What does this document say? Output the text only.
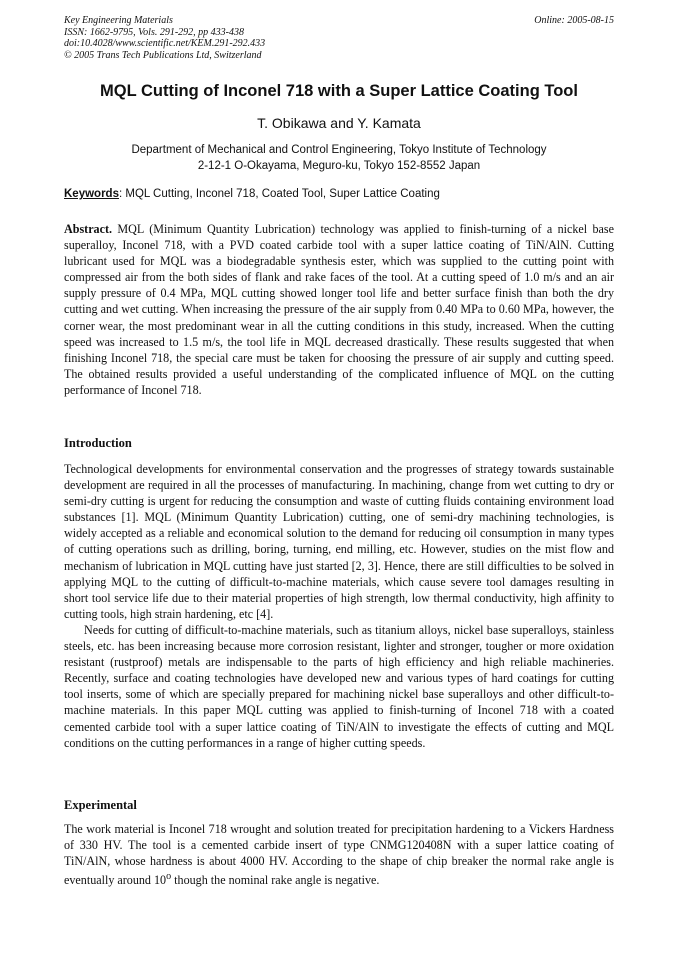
Key Engineering Materials
ISSN: 1662-9795, Vols. 291-292, pp 433-438
doi:10.4028/www.scientific.net/KEM.291-292.433
© 2005 Trans Tech Publications Ltd, Switzerland
Online: 2005-08-15
MQL Cutting of Inconel 718 with a Super Lattice Coating Tool
T. Obikawa and Y. Kamata
Department of Mechanical and Control Engineering, Tokyo Institute of Technology
2-12-1 O-Okayama, Meguro-ku, Tokyo 152-8552 Japan
Keywords: MQL Cutting, Inconel 718, Coated Tool, Super Lattice Coating
Abstract. MQL (Minimum Quantity Lubrication) technology was applied to finish-turning of a nickel base superalloy, Inconel 718, with a PVD coated carbide tool with a super lattice coating of TiN/AlN. Cutting lubricant used for MQL was a biodegradable synthesis ester, which was supplied to the cutting point with compressed air from the both sides of flank and rake faces of the tool. At a cutting speed of 1.0 m/s and an air supply pressure of 0.4 MPa, MQL cutting showed longer tool life and better surface finish than both the dry cutting and wet cutting. When increasing the pressure of the air supply from 0.40 MPa to 0.60 MPa, however, the corner wear, the most predominant wear in all the cutting conditions in this study, increased. When the cutting speed was increased to 1.5 m/s, the tool life in MQL decreased drastically. These results suggested that when finishing Inconel 718, the special care must be taken for choosing the pressure of air supply and cutting speed. The obtained results provided a useful understanding of the complicated influence of MQL on the cutting performance of Inconel 718.
Introduction

Technological developments for environmental conservation and the progresses of strategy towards sustainable development are required in all the processes of manufacturing. In machining, change from wet cutting to dry or semi-dry cutting is urgent for reducing the consumption and waste of cutting fluids containing environment load substances [1]. MQL (Minimum Quantity Lubrication) cutting, one of semi-dry machining technologies, is widely accepted as a reliable and economical solution to the demand for reducing oil consumption in many types of cutting operations such as drilling, boring, turning, end milling, etc. However, studies on the mist flow and mechanism of lubrication in MQL cutting have just started [2, 3]. Hence, there are still difficulties to be solved in applying MQL to the cutting of difficult-to-machine materials, which cause severe tool damages resulting in short tool service life due to their material properties of high strength, low thermal conductivity, high affinity to cutting tools, high strain hardening, etc [4].

Needs for cutting of difficult-to-machine materials, such as titanium alloys, nickel base superalloys, stainless steels, etc. has been increasing because more corrosion resistant, lighter and stronger, tougher or more oxidation resistant (rustproof) metals are indispensable to the parts of high efficiency and high reliable machineries. Recently, surface and coating technologies have developed new and various types of hard coatings for cutting tool inserts, some of which are specially prepared for machining nickel base superalloys and other difficult-to-machine materials. In this paper MQL cutting was applied to finish-turning of Inconel 718 with a coated cemented carbide tool with a super lattice coating of TiN/AlN to investigate the effects of cutting and MQL conditions on the cutting performances in a range of higher cutting speeds.

Experimental

The work material is Inconel 718 wrought and solution treated for precipitation hardening to a Vickers Hardness of 330 HV. The tool is a cemented carbide insert of type CNMG120408N with a super lattice coating of TiN/AlN, whose hardness is about 4000 HV. According to the shape of chip breaker the normal rake angle is eventually around 10$^o$ though the nominal rake angle is negative.
